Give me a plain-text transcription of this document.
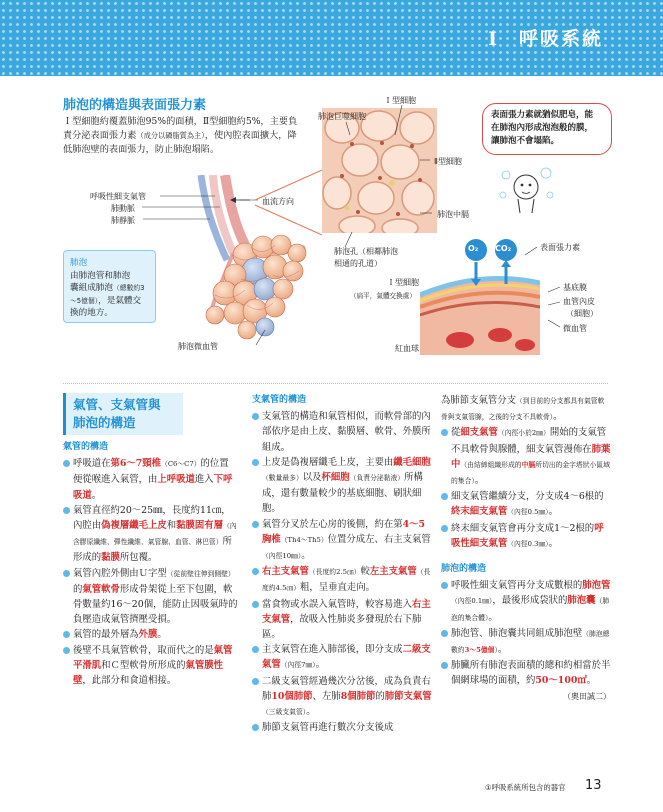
I 呼吸系統
肺泡的構造與表面張力素
Ｉ型細胞約覆蓋肺泡95%的面積，Ⅱ型細胞約5%，主要負責分泌表面張力素（成分以磷脂質為主），使內腔表面擴大，降低肺泡壁的表面張力，防止肺泡塌陷。
O₂ CO₂
呼吸性細支氣管
肺動脈
肺靜脈
血流方向
肺泡微血管
肺泡巨噬細胞
Ｉ型細胞
Ⅱ型細胞
肺泡中膈
肺泡孔（相鄰肺泡
相通的孔道）
Ｉ型細胞
（扁平，氣體交換處）
紅血球
表面張力素
基底膜
血管內皮
（細胞）
微血管
表面張力素就猶似肥皂，能
在肺泡內形成泡泡般的膜，
讓肺泡不會塌陷。
肺泡
由肺泡管和肺泡
囊組成肺泡（總數約3～5億個），是氣體交換的地方。
氣管、支氣管與
肺泡的構造
氣管的構造
呼吸道在第6～7頸椎（C6～C7）的位置便從喉進入氣管，由上呼吸道進入下呼吸道。
氣管直徑約20～25㎜，長度約11㎝，內腔由偽複層纖毛上皮和黏膜固有層（內含膠原纖維、彈性纖維、氣管腺、血管、淋巴管）所形成的黏膜所包覆。
氣管內腔外側由Ｕ字型（從前壁往伸到側壁）的氣管軟骨形成骨架從上至下包圍，軟骨數量約16～20個，能防止因吸氣時的負壓造成氣管擠壓受損。
氣管的最外層為外膜。
後壁不具氣管軟骨，取而代之的是氣管平滑肌和Ｃ型軟骨所形成的氣管膜性壁，此部分和食道相接。
支氣管的構造
支氣管的構造和氣管相似，而軟骨部的內部依序是由上皮、黏膜層、軟骨、外膜所組成。
上皮是偽複層纖毛上皮，主要由纖毛細胞（數量最多）以及杯細胞（負責分泌黏液）所構成，還有數量較少的基底細胞、刷狀細胞。
氣管分叉於左心房的後側，約在第4～5胸椎（Th4～Th5）位置分成左、右主支氣管（內徑10㎜）。
右主支氣管（長度約2.5㎝）較左主支氣管（長度約4.5㎝）粗，呈垂直走向。
當食物或水誤入氣管時，較容易進入右主支氣管，故吸入性肺炎多發現於右下肺區。
主支氣管在進入肺部後，即分支成二級支氣管（內徑7㎜）。
二級支氣管經過幾次分岔後，成為負責右肺10個肺節、左肺8個肺節的肺節支氣管（三級支氣管）。
肺節支氣管再進行數次分支後成
為肺節支氣管分支（到目前的分支都具有氣管軟骨與支氣管腺，之後的分支不具軟骨）。
從細支氣管（內徑小於2㎜）開始的支氣管不具軟骨與腺體，細支氣管漫佈在肺葉中（由結締組織形成的中膈所切出的金字塔狀小區域的集合）。
細支氣管繼續分支，分支成4～6根的終末細支氣管（內徑0.5㎜）。
終末細支氣管會再分支成1～2根的呼吸性細支氣管（內徑0.3㎜）。
肺泡的構造
呼吸性細支氣管再分支成數根的肺泡管（內徑0.1㎜），最後形成袋狀的肺泡囊（肺泡的集合體）。
肺泡管、肺泡囊共同組成肺泡壁（肺泡總數約3～5億個）。
肺臟所有肺泡表面積的總和約相當於半個網球場的面積，約50～100㎡。
（奧田誠二）
①呼吸系統所包含的器官 13
